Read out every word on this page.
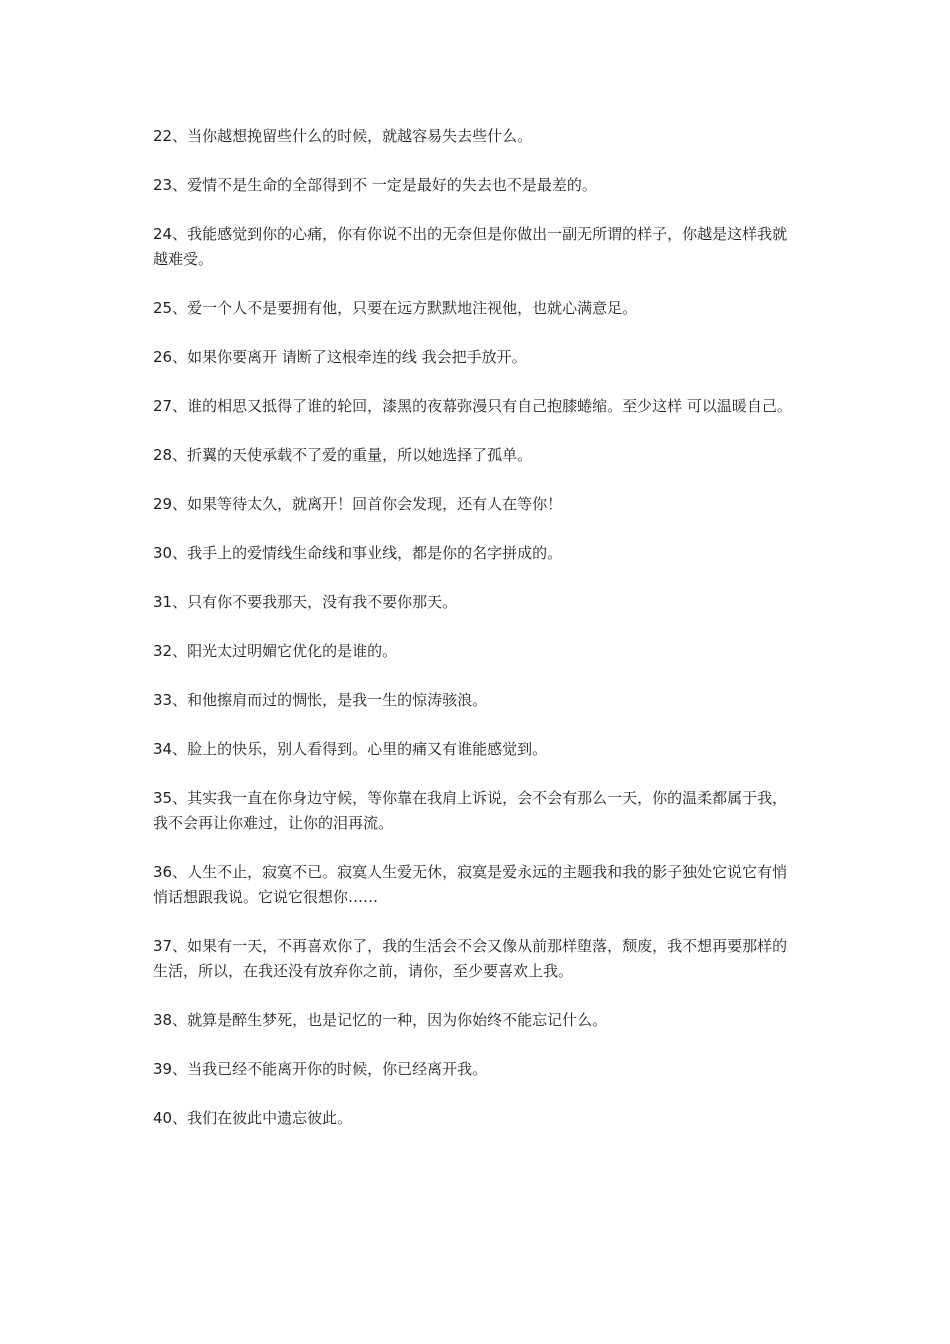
22、当你越想挽留些什么的时候，就越容易失去些什么。

23、爱情不是生命的全部得到不 一定是最好的失去也不是最差的。

24、我能感觉到你的心痛，你有你说不出的无奈但是你做出一副无所谓的样子，你越是这样我就越难受。

25、爱一个人不是要拥有他，只要在远方默默地注视他，也就心满意足。

26、如果你要离开 请断了这根牵连的线 我会把手放开。

27、谁的相思又抵得了谁的轮回，漆黑的夜幕弥漫只有自己抱膝蜷缩。至少这样 可以温暖自己。

28、折翼的天使承载不了爱的重量，所以她选择了孤单。

29、如果等待太久，就离开！回首你会发现，还有人在等你！

30、我手上的爱情线生命线和事业线，都是你的名字拼成的。

31、只有你不要我那天，没有我不要你那天。

32、阳光太过明媚它优化的是谁的。

33、和他擦肩而过的惆怅，是我一生的惊涛骇浪。

34、脸上的快乐，别人看得到。心里的痛又有谁能感觉到。

35、其实我一直在你身边守候，等你靠在我肩上诉说，会不会有那么一天，你的温柔都属于我，我不会再让你难过，让你的泪再流。

36、人生不止，寂寞不已。寂寞人生爱无休，寂寞是爱永远的主题我和我的影子独处它说它有悄悄话想跟我说。它说它很想你……

37、如果有一天，不再喜欢你了，我的生活会不会又像从前那样堕落，颓废，我不想再要那样的生活，所以，在我还没有放弃你之前，请你，至少要喜欢上我。

38、就算是醉生梦死，也是记忆的一种，因为你始终不能忘记什么。

39、当我已经不能离开你的时候，你已经离开我。

40、我们在彼此中遗忘彼此。
